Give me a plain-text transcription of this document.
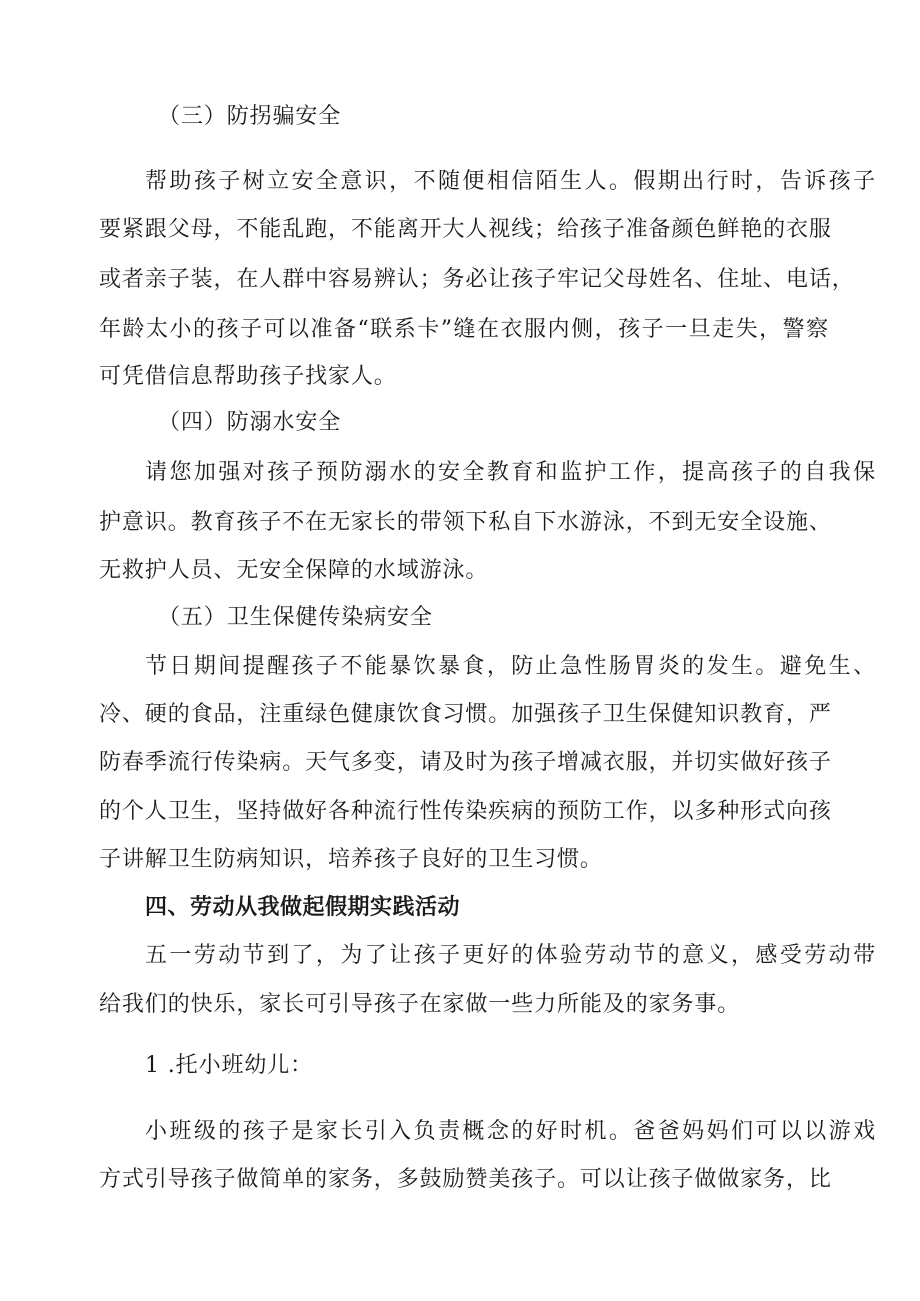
（三）防拐骗安全
帮助孩子树立安全意识，不随便相信陌生人。假期出行时，告诉孩子
要紧跟父母，不能乱跑，不能离开大人视线；给孩子准备颜色鲜艳的衣服
或者亲子装，在人群中容易辨认；务必让孩子牢记父母姓名、住址、电话，
年龄太小的孩子可以准备“联系卡”缝在衣服内侧，孩子一旦走失，警察
可凭借信息帮助孩子找家人。
（四）防溺水安全
请您加强对孩子预防溺水的安全教育和监护工作，提高孩子的自我保
护意识。教育孩子不在无家长的带领下私自下水游泳，不到无安全设施、
无救护人员、无安全保障的水域游泳。
（五）卫生保健传染病安全
节日期间提醒孩子不能暴饮暴食，防止急性肠胃炎的发生。避免生、
冷、硬的食品，注重绿色健康饮食习惯。加强孩子卫生保健知识教育，严
防春季流行传染病。天气多变，请及时为孩子增减衣服，并切实做好孩子
的个人卫生，坚持做好各种流行性传染疾病的预防工作，以多种形式向孩
子讲解卫生防病知识，培养孩子良好的卫生习惯。
四、劳动从我做起假期实践活动
五一劳动节到了，为了让孩子更好的体验劳动节的意义，感受劳动带
给我们的快乐，家长可引导孩子在家做一些力所能及的家务事。
1 .托小班幼儿：
小班级的孩子是家长引入负责概念的好时机。爸爸妈妈们可以以游戏
方式引导孩子做简单的家务，多鼓励赞美孩子。可以让孩子做做家务，比
